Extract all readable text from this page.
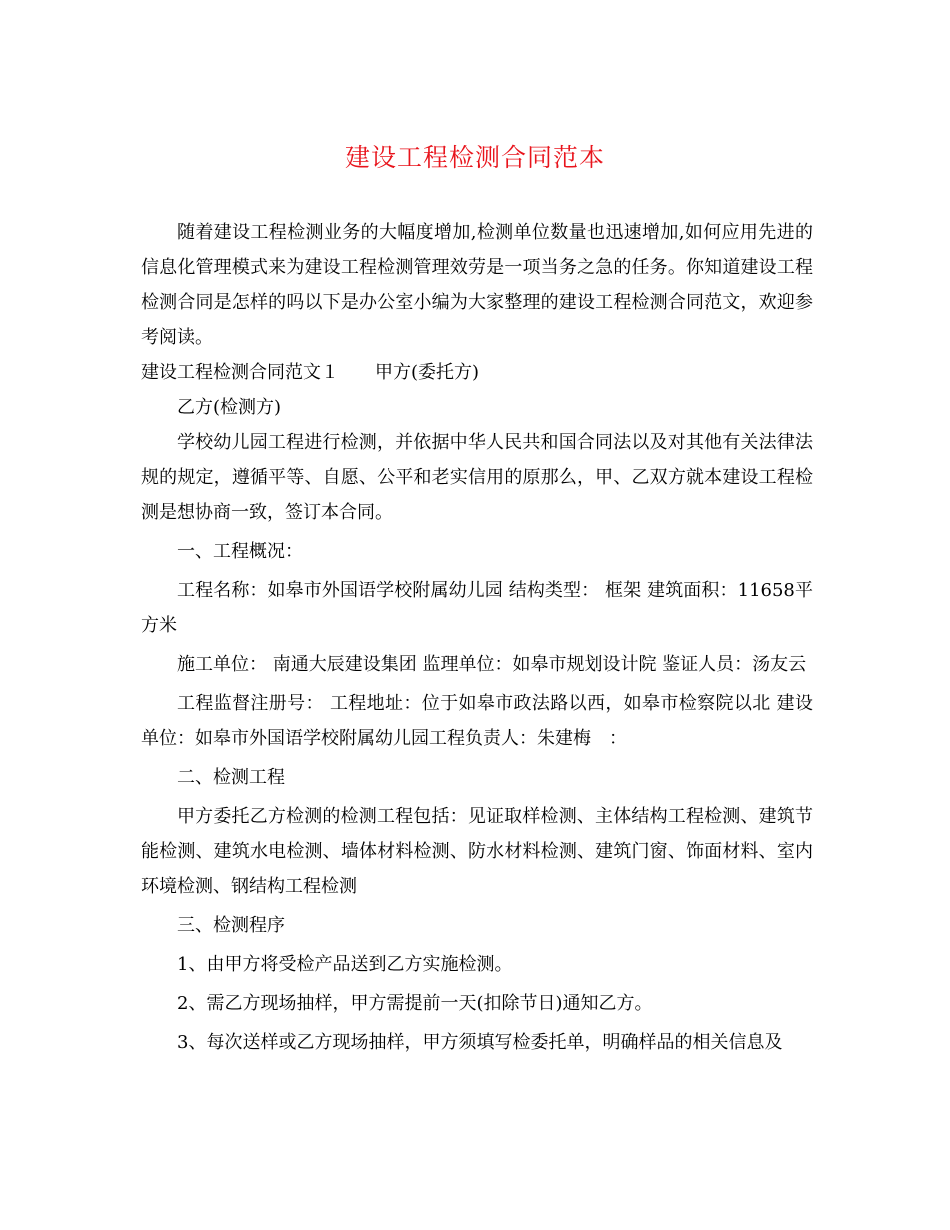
建设工程检测合同范本

随着建设工程检测业务的大幅度增加,检测单位数量也迅速增加,如何应用先进的信息化管理模式来为建设工程检测管理效劳是一项当务之急的任务。你知道建设工程检测合同是怎样的吗以下是办公室小编为大家整理的建设工程检测合同范文，欢迎参考阅读。

建设工程检测合同范文１ 甲方(委托方)

乙方(检测方)

学校幼儿园工程进行检测，并依据中华人民共和国合同法以及对其他有关法律法规的规定，遵循平等、自愿、公平和老实信用的原那么，甲、乙双方就本建设工程检测是想协商一致，签订本合同。

一、工程概况：

工程名称：如皋市外国语学校附属幼儿园 结构类型： 框架 建筑面积：11658平方米

施工单位： 南通大辰建设集团 监理单位：如皋市规划设计院 鉴证人员：汤友云

工程监督注册号： 工程地址：位于如皋市政法路以西，如皋市检察院以北 建设单位：如皋市外国语学校附属幼儿园工程负责人：朱建梅　：

二、检测工程

甲方委托乙方检测的检测工程包括：见证取样检测、主体结构工程检测、建筑节能检测、建筑水电检测、墙体材料检测、防水材料检测、建筑门窗、饰面材料、室内环境检测、钢结构工程检测

三、检测程序

1、由甲方将受检产品送到乙方实施检测。

2、需乙方现场抽样，甲方需提前一天(扣除节日)通知乙方。

3、每次送样或乙方现场抽样，甲方须填写检委托单，明确样品的相关信息及
